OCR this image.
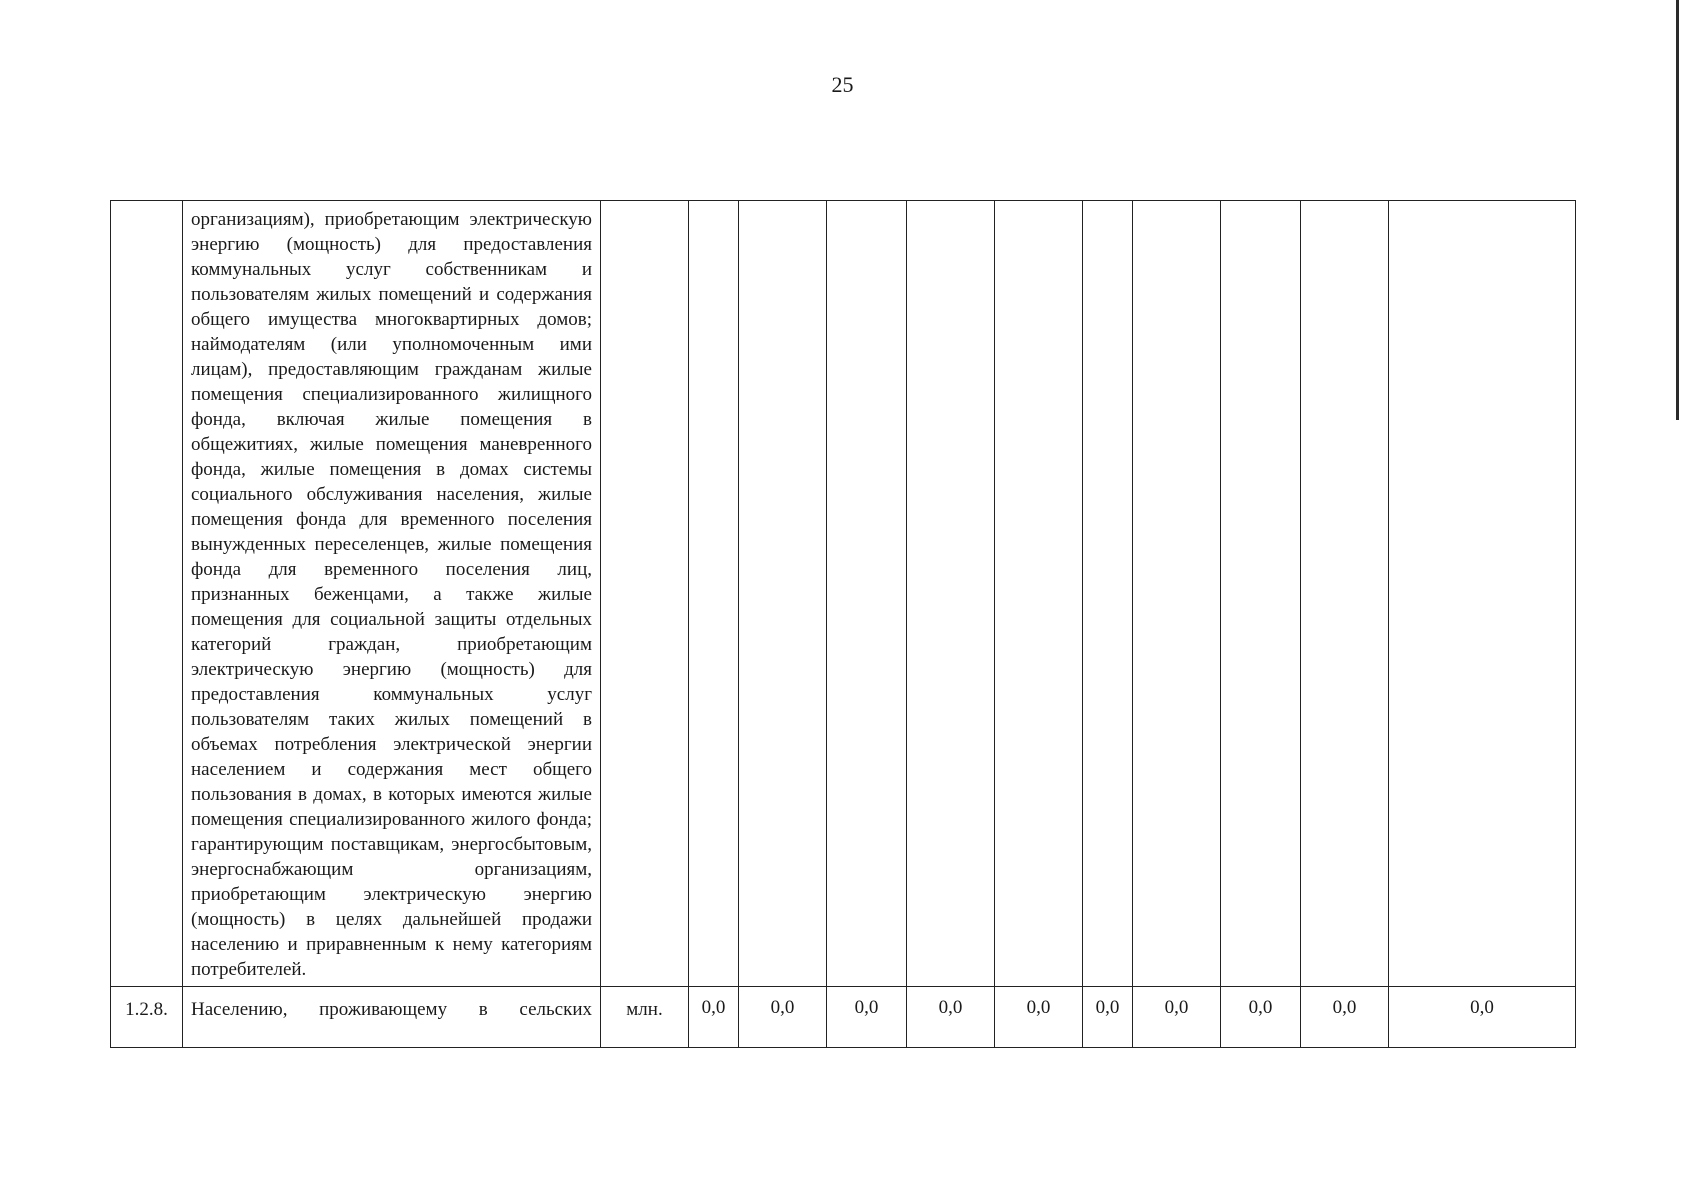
25

	организациям), приобретающим электрическую энергию (мощность) для предоставления коммунальных услуг собственникам и пользователям жилых помещений и содержания общего имущества многоквартирных домов;

наймодателям (или уполномоченным ими лицам), предоставляющим гражданам жилые помещения специализированного жилищного фонда, включая жилые помещения в общежитиях, жилые помещения маневренного фонда, жилые помещения в домах системы социального обслуживания населения, жилые помещения фонда для временного поселения вынужденных переселенцев, жилые помещения фонда для временного поселения лиц, признанных беженцами, а также жилые помещения для социальной защиты отдельных категорий граждан, приобретающим электрическую энергию (мощность) для предоставления коммунальных услуг пользователям таких жилых помещений в объемах потребления электрической энергии населением и содержания мест общего пользования в домах, в которых имеются жилые помещения специализированного жилого фонда;

гарантирующим поставщикам, энергосбытовым, энергоснабжающим организациям, приобретающим электрическую энергию (мощность) в целях дальнейшей продажи населению и приравненным к нему категориям потребителей.											

1.2.8.	Населению, проживающему в сельских	млн.	0,0	0,0	0,0	0,0	0,0	0,0	0,0	0,0	0,0	0,0
